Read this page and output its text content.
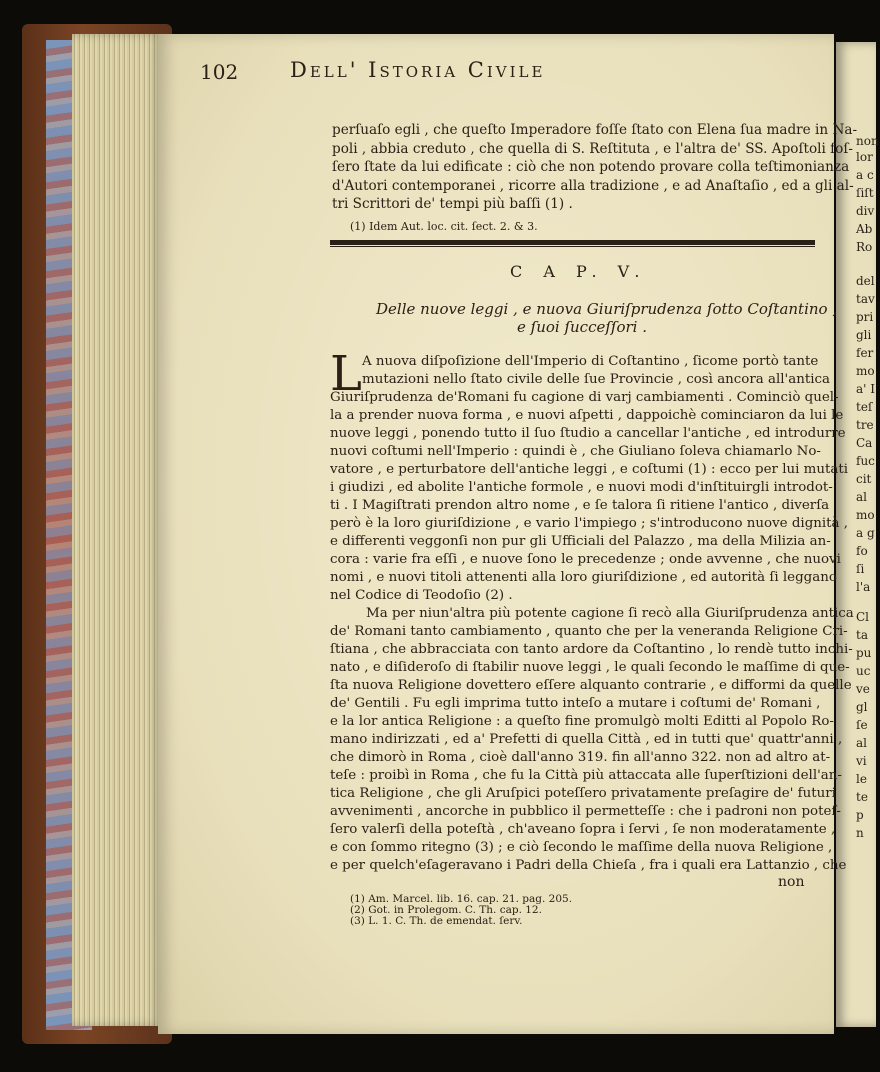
non
lor
a c
ſiſt
div
Ab
Ro
del
tav
pri
gli
fer
mo
a' I
teſ
tre
Ca
fuc
cit
al
mo
a g
fo
ſi
l'a
Cl
ta
pu
uc
ve
gl
ſe
al
vi
le
te
p
n
102 Dell' Istoria Civile
perſuaſo egli , che queſto Imperadore foſſe ſtato con Elena ſua madre in Na-
poli , abbia creduto , che quella di S. Reſtituta , e l'altra de' SS. Apoſtoli foſ-
ſero ſtate da lui edificate : ciò che non potendo provare colla teſtimonianza
d'Autori contemporanei , ricorre alla tradizione , e ad Anaſtaſio , ed a gli al-
tri Scrittori de' tempi più baſſi (1) .
(1) Idem Aut. loc. cit. ſect. 2. & 3.
C A P. V.
Delle nuove leggi , e nuova Giuriſprudenza ſotto Coſtantino ,
e ſuoi ſucceſſori .
L A nuova diſpoſizione dell'Imperio di Coſtantino , ſicome portò tante
mutazioni nello ſtato civile delle ſue Provincie , così ancora all'antica
Giuriſprudenza de'Romani fu cagione di varj cambiamenti . Cominciò quel-
la a prender nuova forma , e nuovi aſpetti , dappoichè cominciaron da lui le
nuove leggi , ponendo tutto il ſuo ſtudio a cancellar l'antiche , ed introdurre
nuovi coſtumi nell'Imperio : quindi è , che Giuliano ſoleva chiamarlo No-
vatore , e perturbatore dell'antiche leggi , e coſtumi (1) : ecco per lui mutati
i giudizi , ed abolite l'antiche formole , e nuovi modi d'inſtituirgli introdot-
ti . I Magiſtrati prendon altro nome , e ſe talora ſi ritiene l'antico , diverſa
però è la loro giuriſdizione , e vario l'impiego ; s'introducono nuove dignità ,
e differenti veggonſi non pur gli Ufficiali del Palazzo , ma della Milizia an-
cora : varie fra eſſi , e nuove ſono le precedenze ; onde avvenne , che nuovi
nomi , e nuovi titoli attenenti alla loro giuriſdizione , ed autorità ſi leggano
nel Codice di Teodoſio (2) .
Ma per niun'altra più potente cagione ſi recò alla Giuriſprudenza antica
de' Romani tanto cambiamento , quanto che per la veneranda Religione Cri-
ſtiana , che abbracciata con tanto ardore da Coſtantino , lo rendè tutto inchi-
nato , e diſideroſo di ſtabilir nuove leggi , le quali ſecondo le maſſime di que-
ſta nuova Religione dovettero eſſere alquanto contrarie , e difformi da quelle
de' Gentili . Fu egli imprima tutto inteſo a mutare i coſtumi de' Romani ,
e la lor antica Religione : a queſto fine promulgò molti Editti al Popolo Ro-
mano indirizzati , ed a' Prefetti di quella Città , ed in tutti que' quattr'anni ,
che dimorò in Roma , cioè dall'anno 319. fin all'anno 322. non ad altro at-
teſe : proibì in Roma , che fu la Città più attaccata alle ſuperſtizioni dell'an-
tica Religione , che gli Aruſpici poteſſero privatamente preſagire de' futuri
avvenimenti , ancorche in pubblico il permetteſſe : che i padroni non poteſ-
ſero valerſi della poteſtà , ch'aveano ſopra i ſervi , ſe non moderatamente ,
e con ſommo ritegno (3) ; e ciò ſecondo le maſſime della nuova Religione ,
e per quelch'eſageravano i Padri della Chieſa , fra i quali era Lattanzio , che
non
(1) Am. Marcel. lib. 16. cap. 21. pag. 205.
(2) Got. in Prolegom. C. Th. cap. 12.
(3) L. 1. C. Th. de emendat. ſerv.
